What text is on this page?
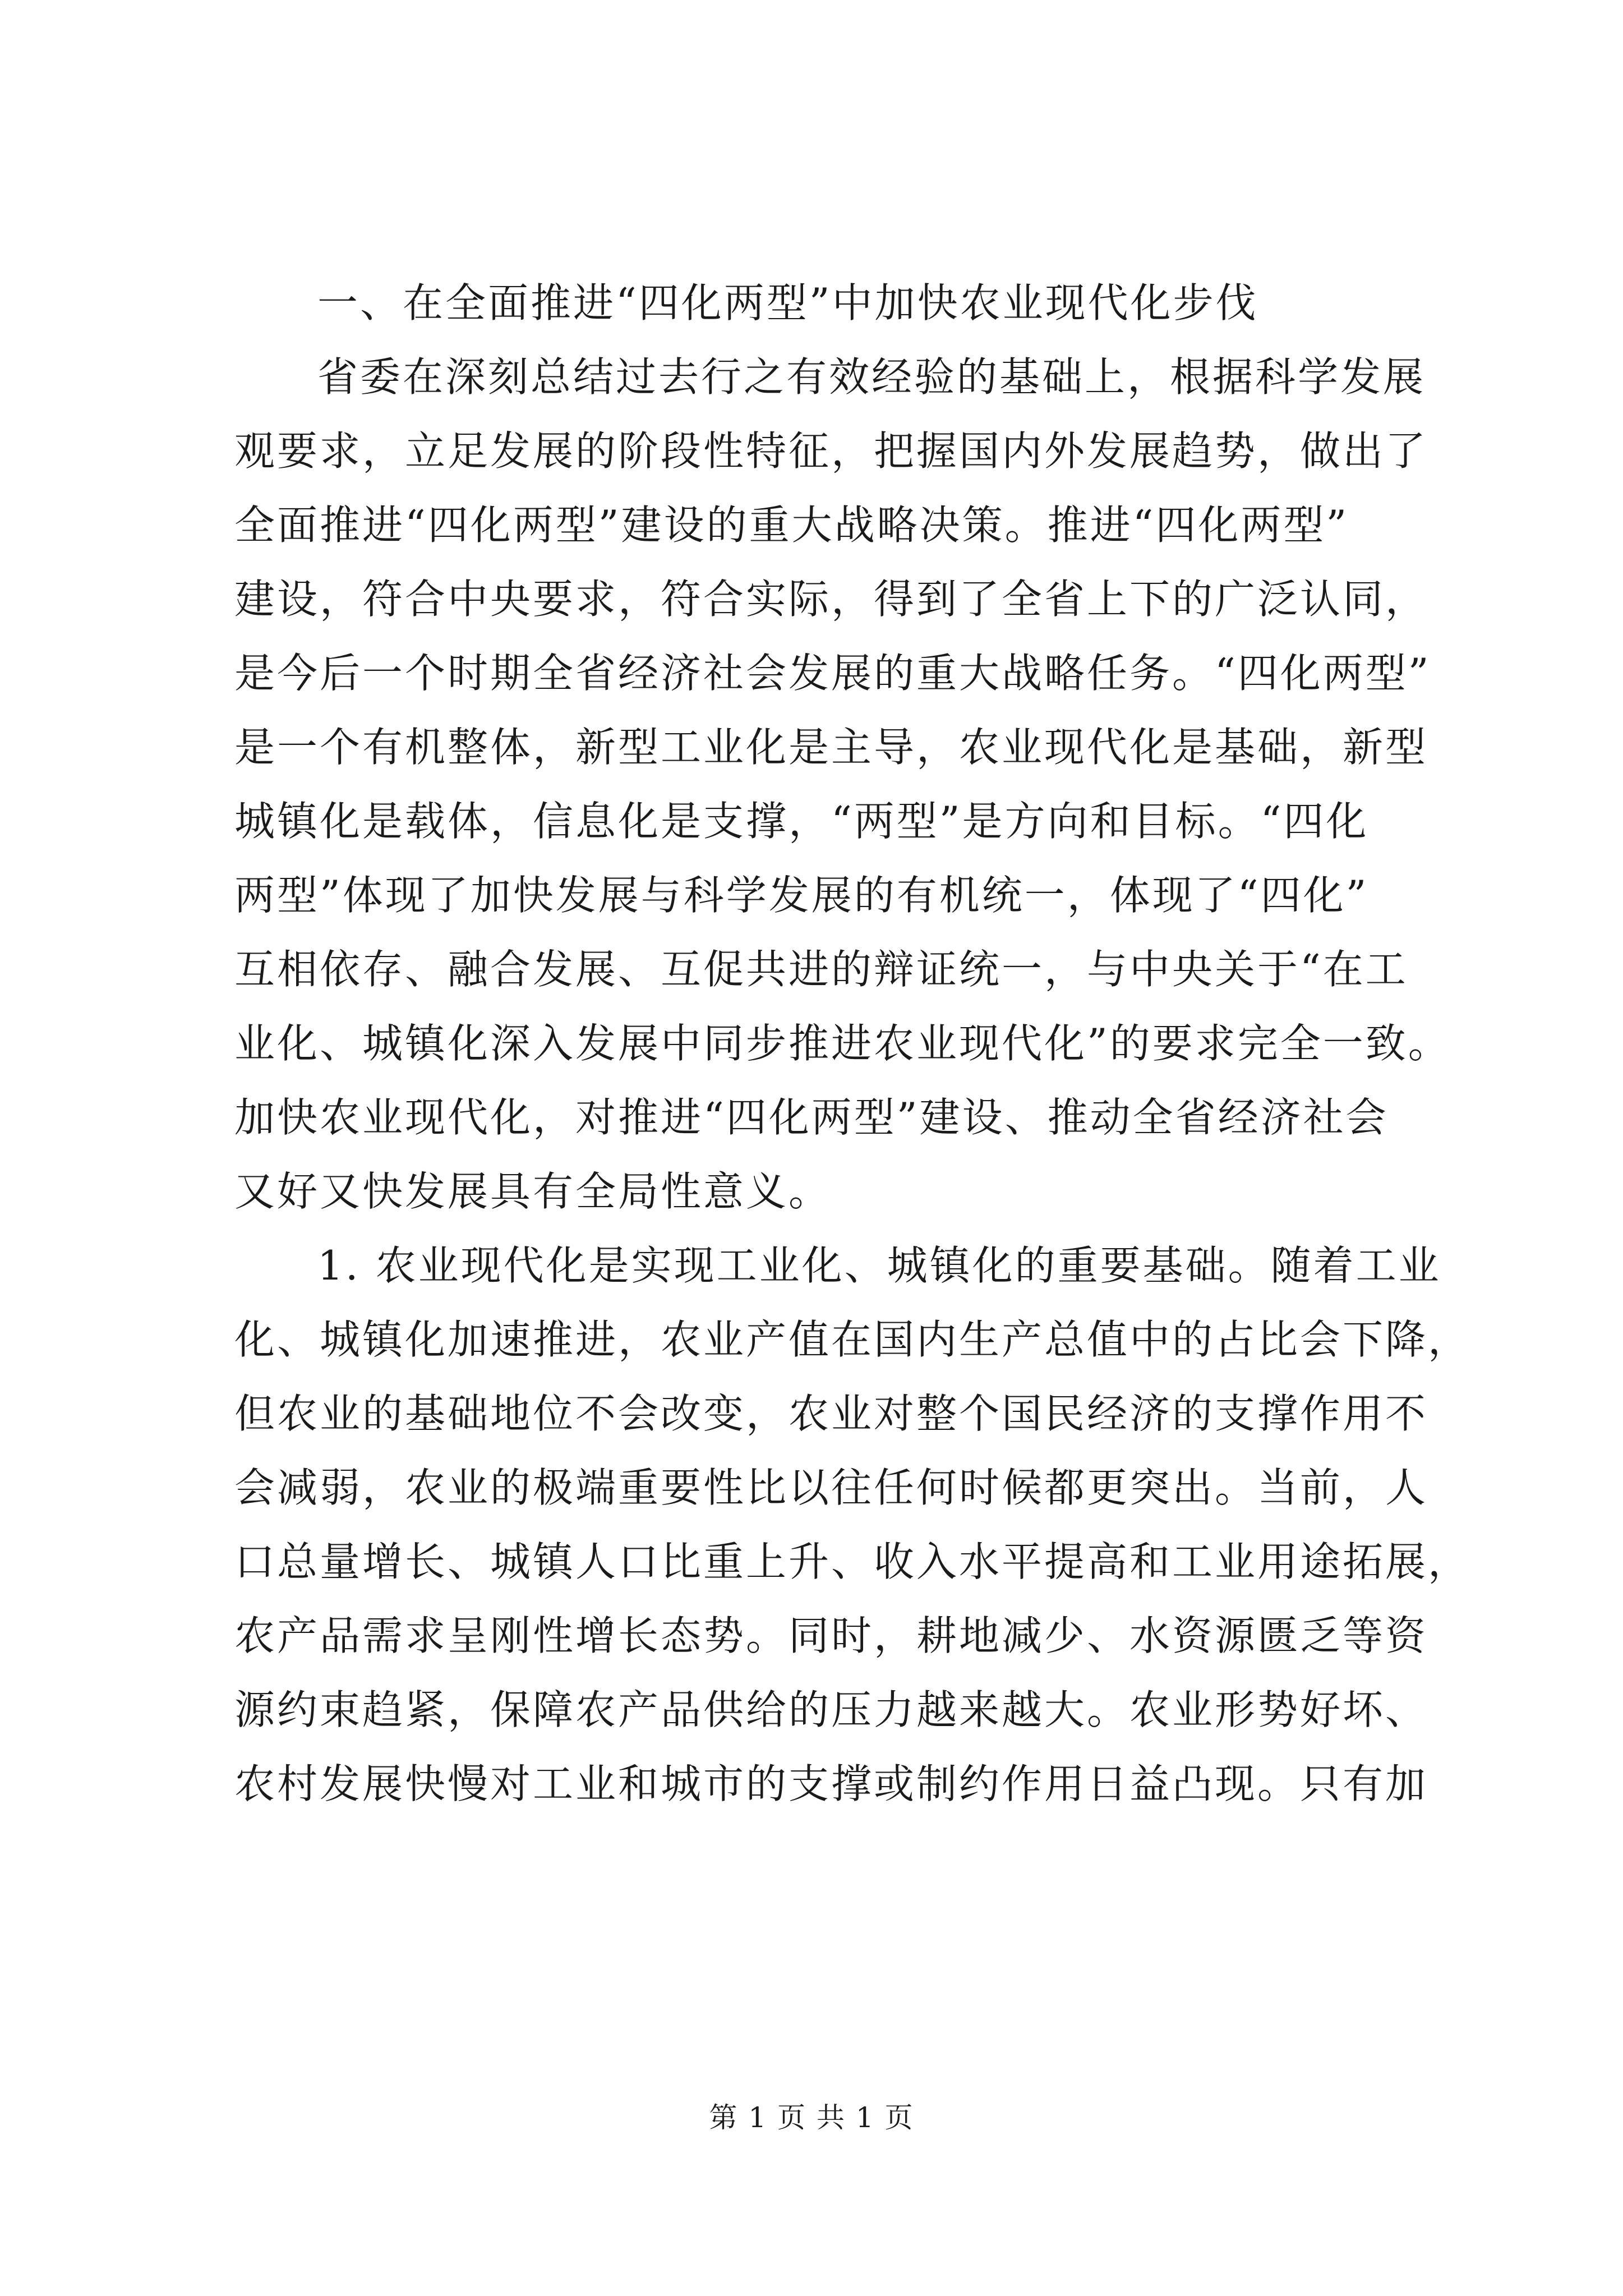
一、在全面推进“四化两型”中加快农业现代化步伐
省委在深刻总结过去行之有效经验的基础上，根据科学发展
观要求，立足发展的阶段性特征，把握国内外发展趋势，做出了
全面推进“四化两型”建设的重大战略决策。推进“四化两型”
建设，符合中央要求，符合实际，得到了全省上下的广泛认同，
是今后一个时期全省经济社会发展的重大战略任务。“四化两型”
是一个有机整体，新型工业化是主导，农业现代化是基础，新型
城镇化是载体，信息化是支撑，“两型”是方向和目标。“四化
两型”体现了加快发展与科学发展的有机统一，体现了“四化”
互相依存、融合发展、互促共进的辩证统一，与中央关于“在工
业化、城镇化深入发展中同步推进农业现代化”的要求完全一致。
加快农业现代化，对推进“四化两型”建设、推动全省经济社会
又好又快发展具有全局性意义。
1. 农业现代化是实现工业化、城镇化的重要基础。随着工业
化、城镇化加速推进，农业产值在国内生产总值中的占比会下降，
但农业的基础地位不会改变，农业对整个国民经济的支撑作用不
会减弱，农业的极端重要性比以往任何时候都更突出。当前，人
口总量增长、城镇人口比重上升、收入水平提高和工业用途拓展，
农产品需求呈刚性增长态势。同时，耕地减少、水资源匮乏等资
源约束趋紧，保障农产品供给的压力越来越大。农业形势好坏、
农村发展快慢对工业和城市的支撑或制约作用日益凸现。只有加
第 1 页 共 1 页
